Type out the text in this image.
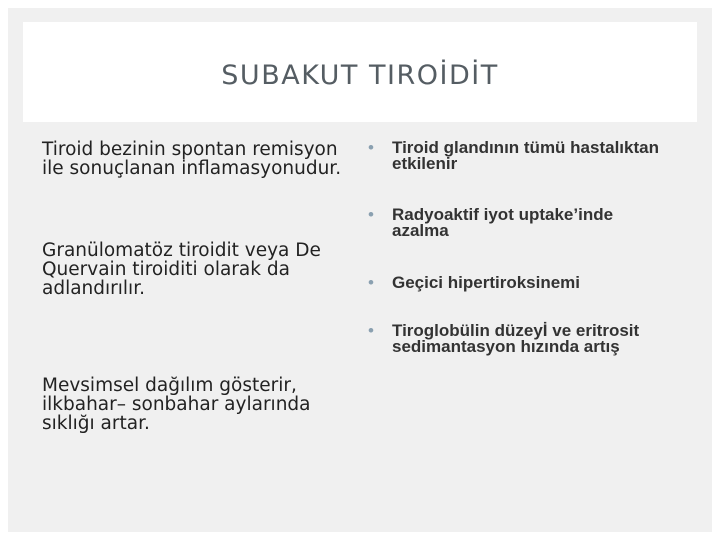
SUBAKUT TIROİDİT

Tiroid bezinin spontan remisyon ile sonuçlanan inflamasyonudur.

Granülomatöz tiroidit veya De Quervain tiroiditi olarak da adlandırılır.

Mevsimsel dağılım gösterir, ilkbahar– sonbahar aylarında sıklığı artar.

•	Tiroid glandının tümü hastalıktan etkilenir
•	Radyoaktif iyot uptake’inde azalma
•	Geçici hipertiroksinemi
•	Tiroglobülin düzeyİ ve eritrosit sedimantasyon hızında artış
